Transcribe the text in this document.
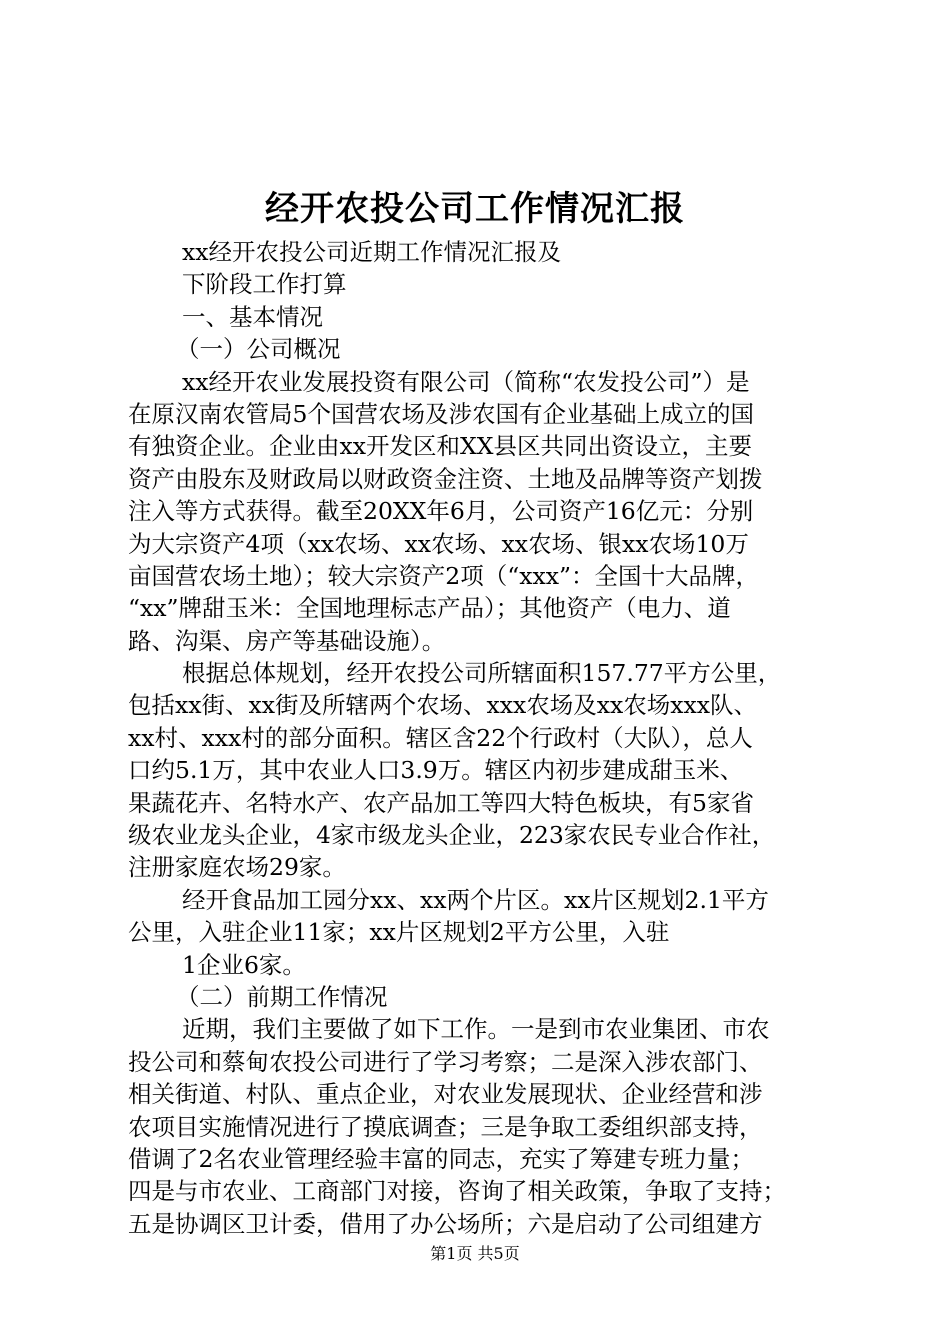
经开农投公司工作情况汇报
xx经开农投公司近期工作情况汇报及
下阶段工作打算
一、基本情况
（一）公司概况
xx经开农业发展投资有限公司（简称“农发投公司”）是
在原汉南农管局5个国营农场及涉农国有企业基础上成立的国
有独资企业。企业由xx开发区和XX县区共同出资设立，主要
资产由股东及财政局以财政资金注资、土地及品牌等资产划拨
注入等方式获得。截至20XX年6月，公司资产16亿元：分别
为大宗资产4项（xx农场、xx农场、xx农场、银xx农场10万
亩国营农场土地）；较大宗资产2项（“xxx”：全国十大品牌，
“xx”牌甜玉米：全国地理标志产品）；其他资产（电力、道
路、沟渠、房产等基础设施）。
根据总体规划，经开农投公司所辖面积157.77平方公里，
包括xx街、xx街及所辖两个农场、xxx农场及xx农场xxx队、
xx村、xxx村的部分面积。辖区含22个行政村（大队），总人
口约5.1万，其中农业人口3.9万。辖区内初步建成甜玉米、
果蔬花卉、名特水产、农产品加工等四大特色板块，有5家省
级农业龙头企业，4家市级龙头企业，223家农民专业合作社，
注册家庭农场29家。
经开食品加工园分xx、xx两个片区。xx片区规划2.1平方
公里，入驻企业11家；xx片区规划2平方公里，入驻
1企业6家。
（二）前期工作情况
近期，我们主要做了如下工作。一是到市农业集团、市农
投公司和蔡甸农投公司进行了学习考察；二是深入涉农部门、
相关街道、村队、重点企业，对农业发展现状、企业经营和涉
农项目实施情况进行了摸底调查；三是争取工委组织部支持，
借调了2名农业管理经验丰富的同志，充实了筹建专班力量；
四是与市农业、工商部门对接，咨询了相关政策，争取了支持；
五是协调区卫计委，借用了办公场所；六是启动了公司组建方
第1页 共5页
